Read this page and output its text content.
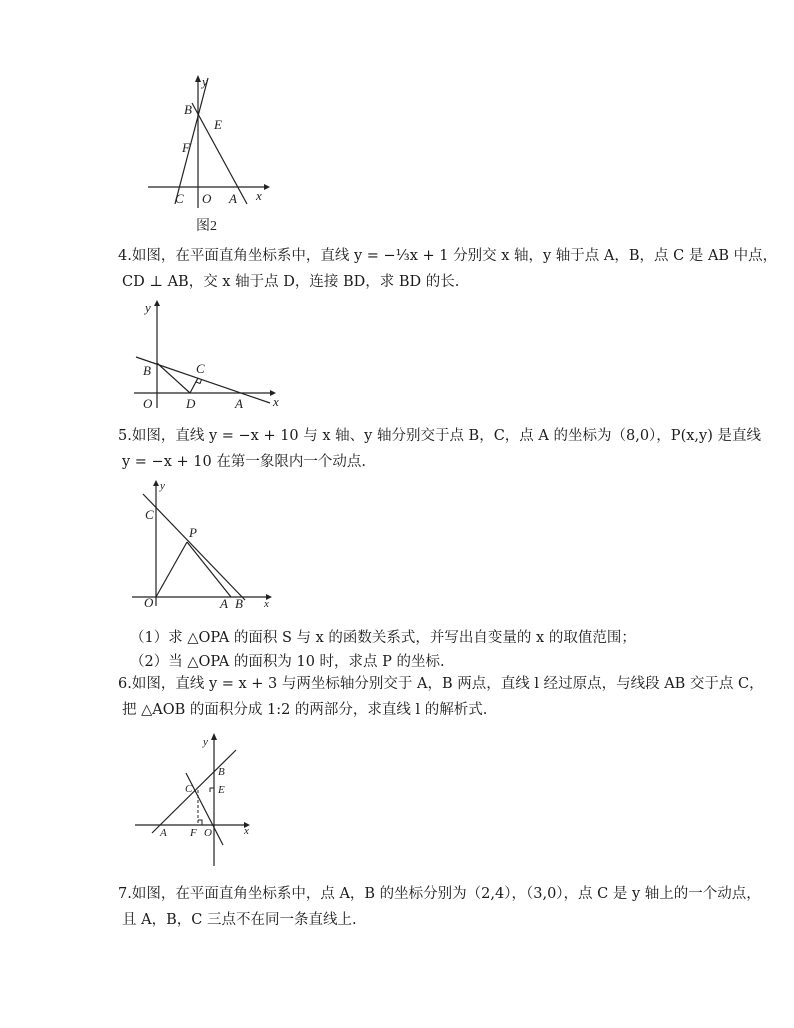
y
B
E
F
C O A x
图2
4.如图，在平面直角坐标系中，直线 y = −⅓x + 1 分别交 x 轴，y 轴于点 A，B，点 C 是 AB 中点，
CD ⊥ AB，交 x 轴于点 D，连接 BD，求 BD 的长.
y
B	C
O	D	A x
5.如图，直线 y = −x + 10 与 x 轴、y 轴分别交于点 B，C，点 A 的坐标为（8,0），P(x,y) 是直线
y = −x + 10 在第一象限内一个动点.
y
C
P
O	A B x
（1）求 △OPA 的面积 S 与 x 的函数关系式，并写出自变量的 x 的取值范围；
（2）当 △OPA 的面积为 10 时，求点 P 的坐标.
6.如图，直线 y = x + 3 与两坐标轴分别交于 A，B 两点，直线 l 经过原点，与线段 AB 交于点 C，
把 △AOB 的面积分成 1:2 的两部分，求直线 l 的解析式.
y
B
C E
A F O	x
7.如图，在平面直角坐标系中，点 A，B 的坐标分别为（2,4），（3,0），点 C 是 y 轴上的一个动点，
且 A，B，C 三点不在同一条直线上.
